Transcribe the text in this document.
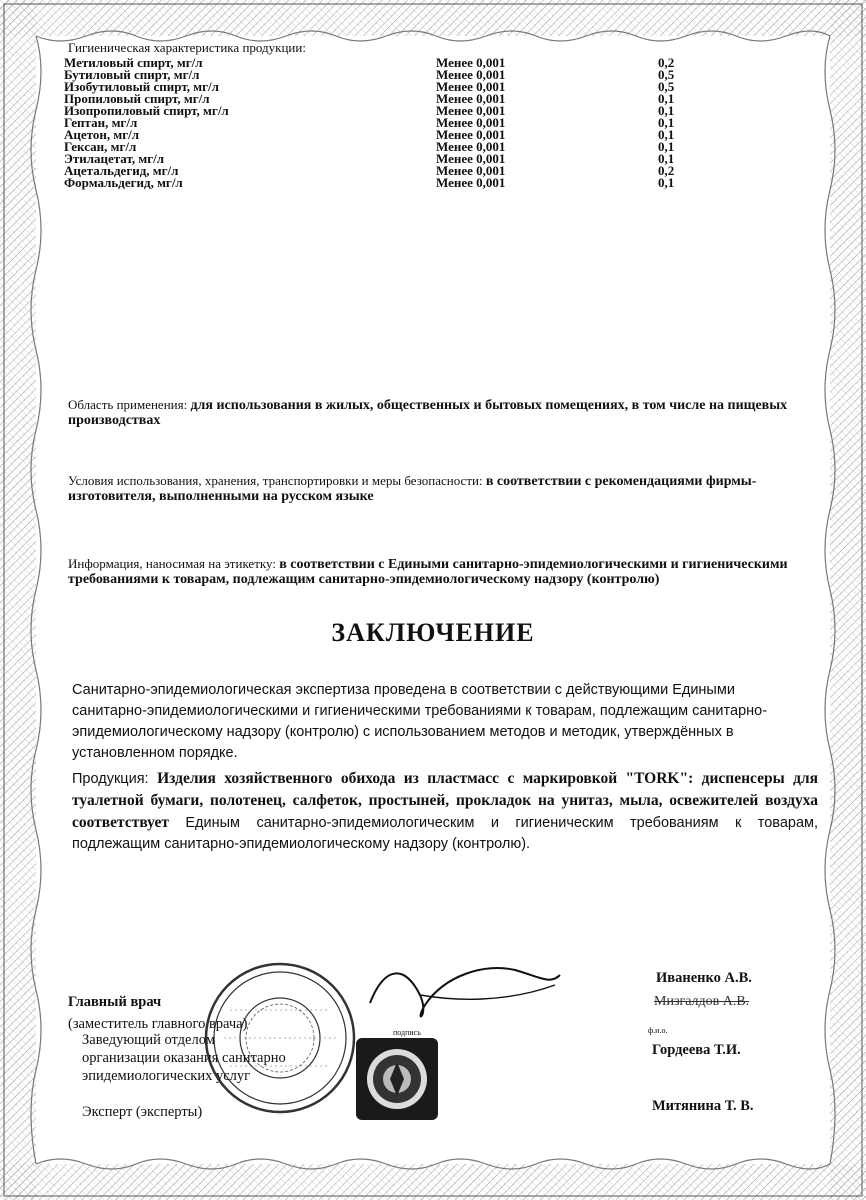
Гигиеническая характеристика продукции:
Метиловый спирт, мг/л	Менее 0,001	0,2
Бутиловый спирт, мг/л	Менее 0,001	0,5
Изобутиловый спирт, мг/л	Менее 0,001	0,5
Пропиловый спирт, мг/л	Менее 0,001	0,1
Изопропиловый спирт, мг/л	Менее 0,001	0,1
Гептан, мг/л	Менее 0,001	0,1
Ацетон, мг/л	Менее 0,001	0,1
Гексан, мг/л	Менее 0,001	0,1
Этилацетат, мг/л	Менее 0,001	0,1
Ацетальдегид, мг/л	Менее 0,001	0,2
Формальдегид, мг/л	Менее 0,001	0,1
Область применения: для использования в жилых, общественных и бытовых помещениях, в том числе на пищевых производствах
Условия использования, хранения, транспортировки и меры безопасности: в соответствии с рекомендациями фирмы-изготовителя, выполненными на русском языке
Информация, наносимая на этикетку: в соответствии с Едиными санитарно-эпидемиологическими и гигиеническими требованиями к товарам, подлежащим санитарно-эпидемиологическому надзору (контролю)
ЗАКЛЮЧЕНИЕ
Санитарно-эпидемиологическая экспертиза проведена в соответствии с действующими Едиными санитарно-эпидемиологическими и гигиеническими требованиями к товарам, подлежащим санитарно-эпидемиологическому надзору (контролю) с использованием методов и методик, утверждённых в установленном порядке.
Продукция: Изделия хозяйственного обихода из пластмасс с маркировкой "TORK": диспенсеры для туалетной бумаги, полотенец, салфеток, простыней, прокладок на унитаз, мыла, освежителей воздуха соответствует Единым санитарно-эпидемиологическим и гигиеническим требованиям к товарам, подлежащим санитарно-эпидемиологическому надзору (контролю).
подпись
Главный врач
(заместитель главного врача)
Заведующий отделом
организации оказания санитарно
эпидемиологических услуг
Эксперт (эксперты)
Иваненко А.В.
Мизгалдов А.В.
ф.и.о.
Гордеева Т.И.
Митянина Т. В.
